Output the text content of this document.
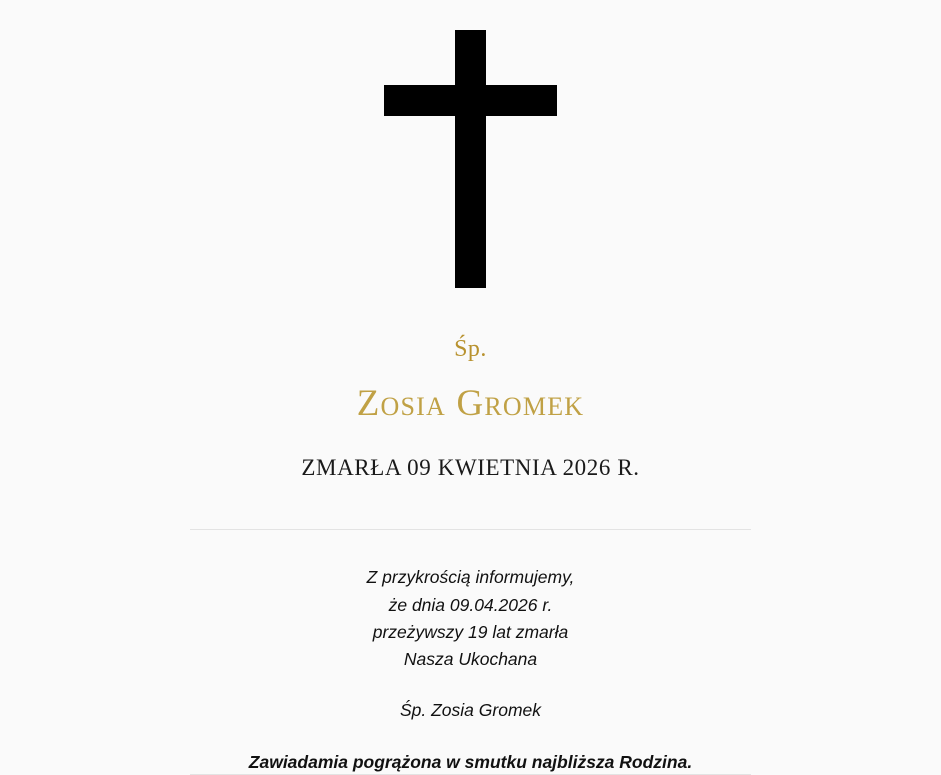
Śp.
Zosia Gromek
ZMARŁA 09 KWIETNIA 2026 R.
Z przykrością informujemy,
że dnia 09.04.2026 r.
przeżywszy 19 lat zmarła
Nasza Ukochana
Śp. Zosia Gromek
Zawiadamia pogrążona w smutku najbliższa Rodzina.
